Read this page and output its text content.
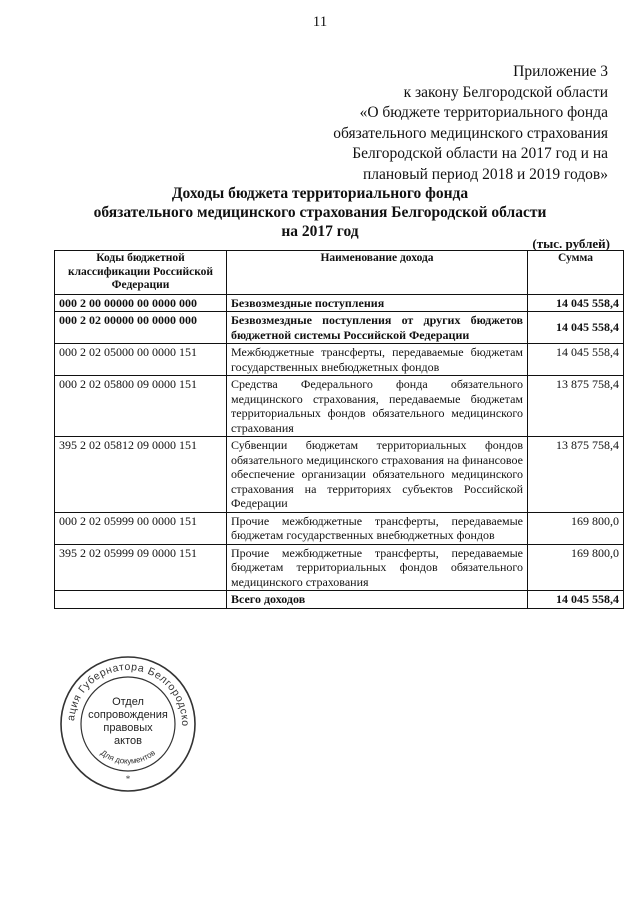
11
Приложение 3
к закону Белгородской области
«О бюджете территориального фонда
обязательного медицинского страхования
Белгородской области на 2017 год и на
плановый период 2018 и 2019 годов»
Доходы бюджета территориального фонда
обязательного медицинского страхования Белгородской области
на 2017 год
(тыс. рублей)
Коды бюджетной классификации Российской Федерации	Наименование дохода	Сумма
000 2 00 00000 00 0000 000	Безвозмездные поступления	14 045 558,4
000 2 02 00000 00 0000 000	Безвозмездные поступления от других бюджетов бюджетной системы Российской Федерации	14 045 558,4
000 2 02 05000 00 0000 151	Межбюджетные трансферты, передаваемые бюджетам государственных внебюджетных фондов	14 045 558,4
000 2 02 05800 09 0000 151	Средства Федерального фонда обязательного медицинского страхования, передаваемые бюджетам территориальных фондов обязательного медицинского страхования	13 875 758,4
395 2 02 05812 09 0000 151	Субвенции бюджетам территориальных фондов обязательного медицинского страхования на финансовое обеспечение организации обязательного медицинского страхования на территориях субъектов Российской Федерации	13 875 758,4
000 2 02 05999 00 0000 151	Прочие межбюджетные трансферты, передаваемые бюджетам государственных внебюджетных фондов	169 800,0
395 2 02 05999 09 0000 151	Прочие межбюджетные трансферты, передаваемые бюджетам территориальных фондов обязательного медицинского страхования	169 800,0
	Всего доходов	14 045 558,4
ация Губернатора Белгородско
Для документов
*
Отдел
сопровождения
правовых
актов
